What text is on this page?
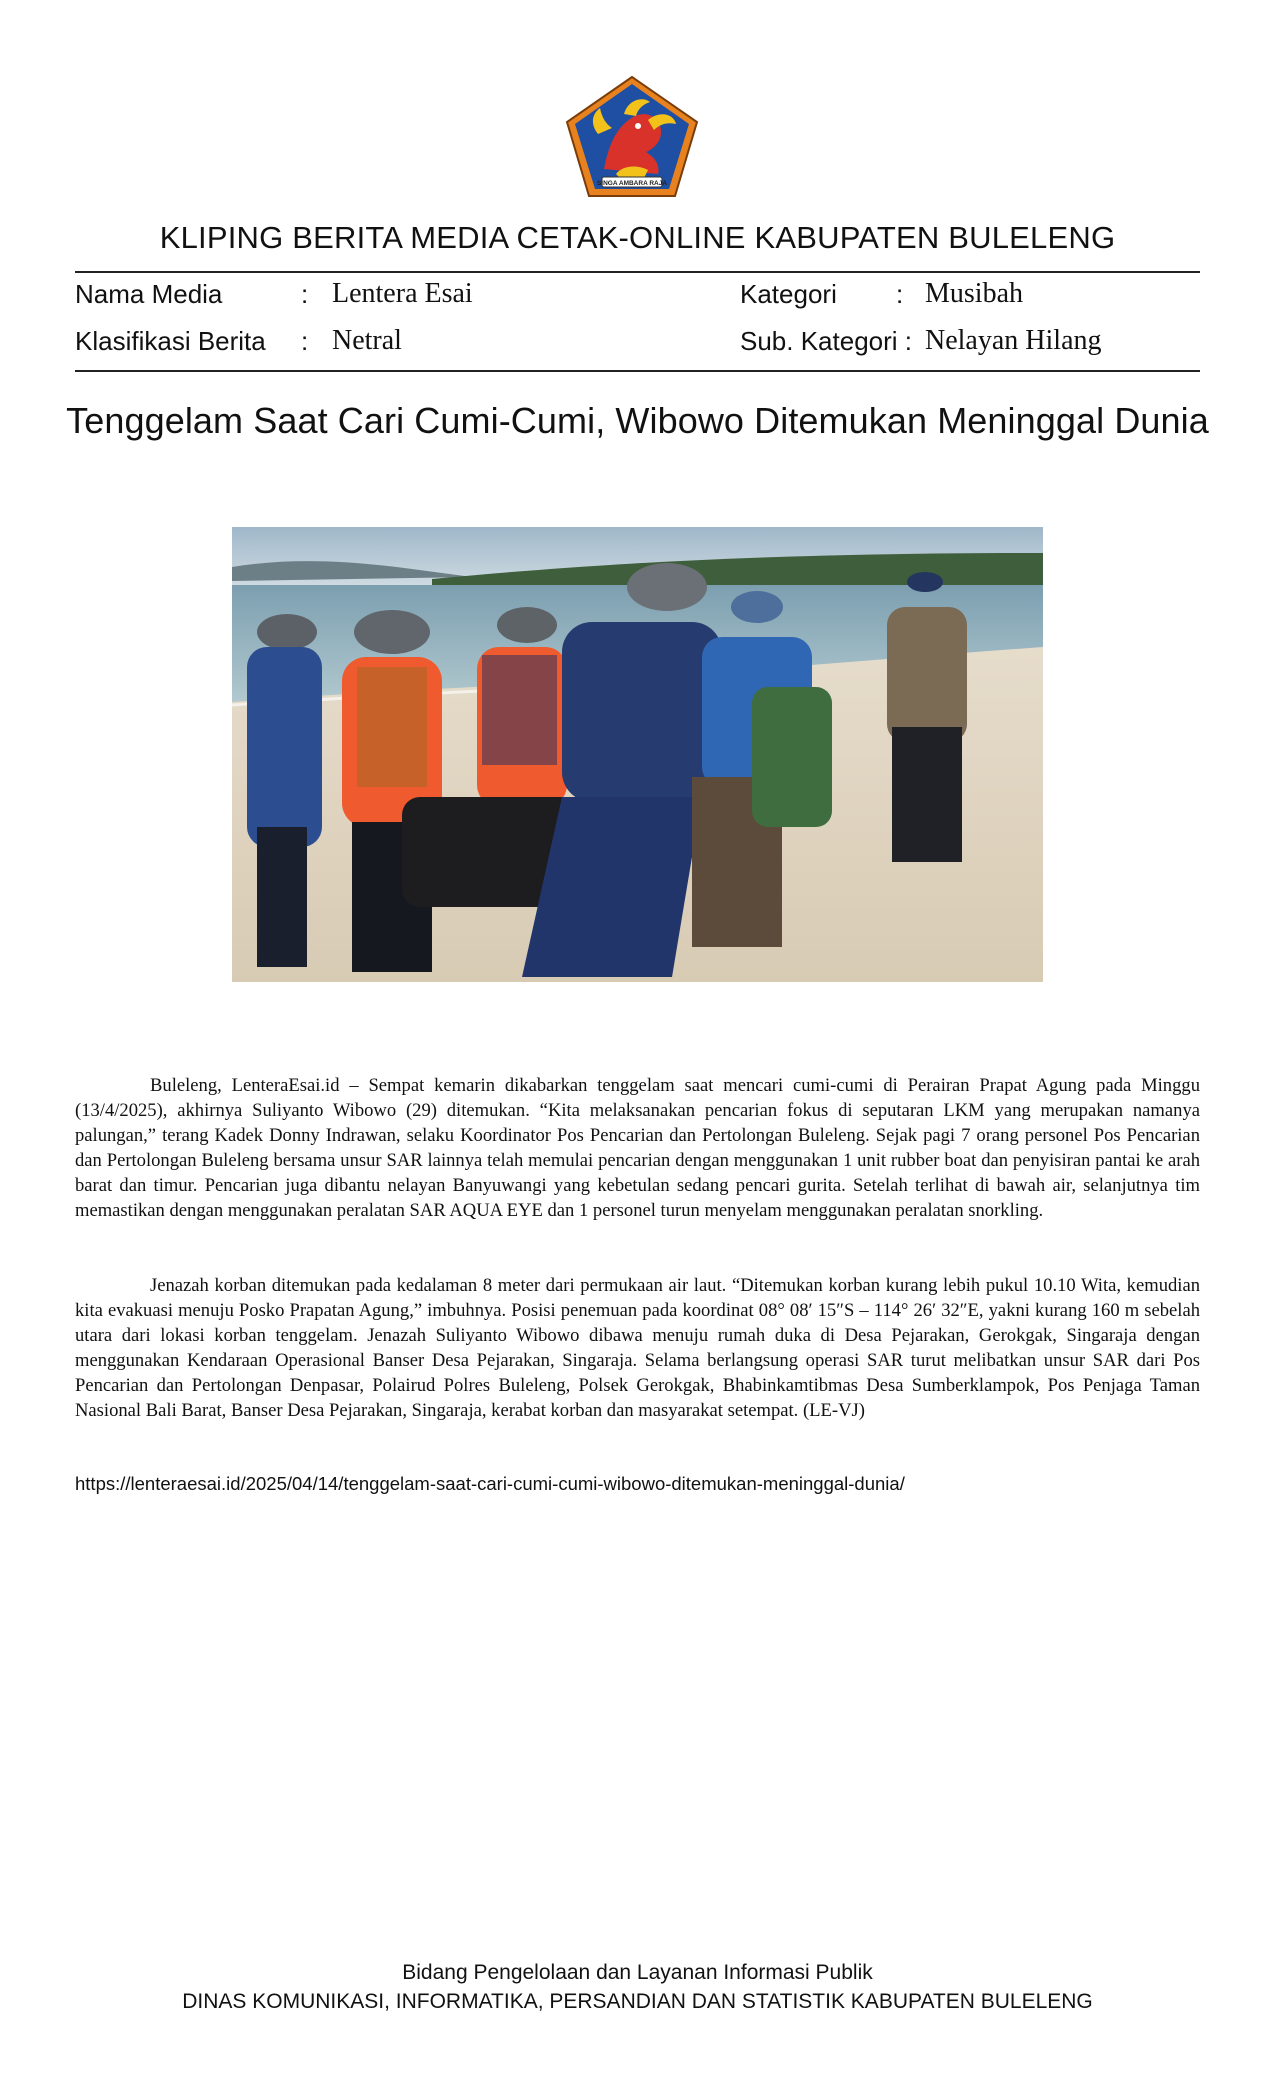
SINGA AMBARA RAJA
KLIPING BERITA MEDIA CETAK-ONLINE KABUPATEN BULELENG
Nama Media	: Lentera Esai	Kategori : Musibah
Klasifikasi Berita : Netral	Sub. Kategori : Nelayan Hilang
Tenggelam Saat Cari Cumi-Cumi, Wibowo Ditemukan Meninggal Dunia

Buleleng, LenteraEsai.id – Sempat kemarin dikabarkan tenggelam saat mencari cumi-cumi di Perairan Prapat Agung pada Minggu (13/4/2025), akhirnya Suliyanto Wibowo (29) ditemukan. “Kita melaksanakan pencarian fokus di seputaran LKM yang merupakan namanya palungan,” terang Kadek Donny Indrawan, selaku Koordinator Pos Pencarian dan Pertolongan Buleleng. Sejak pagi 7 orang personel Pos Pencarian dan Pertolongan Buleleng bersama unsur SAR lainnya telah memulai pencarian dengan menggunakan 1 unit rubber boat dan penyisiran pantai ke arah barat dan timur. Pencarian juga dibantu nelayan Banyuwangi yang kebetulan sedang pencari gurita. Setelah terlihat di bawah air, selanjutnya tim memastikan dengan menggunakan peralatan SAR AQUA EYE dan 1 personel turun menyelam menggunakan peralatan snorkling.

Jenazah korban ditemukan pada kedalaman 8 meter dari permukaan air laut. “Ditemukan korban kurang lebih pukul 10.10 Wita, kemudian kita evakuasi menuju Posko Prapatan Agung,” imbuhnya. Posisi penemuan pada koordinat 08° 08′ 15″S – 114° 26′ 32″E, yakni kurang 160 m sebelah utara dari lokasi korban tenggelam. Jenazah Suliyanto Wibowo dibawa menuju rumah duka di Desa Pejarakan, Gerokgak, Singaraja dengan menggunakan Kendaraan Operasional Banser Desa Pejarakan, Singaraja. Selama berlangsung operasi SAR turut melibatkan unsur SAR dari Pos Pencarian dan Pertolongan Denpasar, Polairud Polres Buleleng, Polsek Gerokgak, Bhabinkamtibmas Desa Sumberklampok, Pos Penjaga Taman Nasional Bali Barat, Banser Desa Pejarakan, Singaraja, kerabat korban dan masyarakat setempat. (LE-VJ)

https://lenteraesai.id/2025/04/14/tenggelam-saat-cari-cumi-cumi-wibowo-ditemukan-meninggal-dunia/
Bidang Pengelolaan dan Layanan Informasi Publik
DINAS KOMUNIKASI, INFORMATIKA, PERSANDIAN DAN STATISTIK KABUPATEN BULELENG
